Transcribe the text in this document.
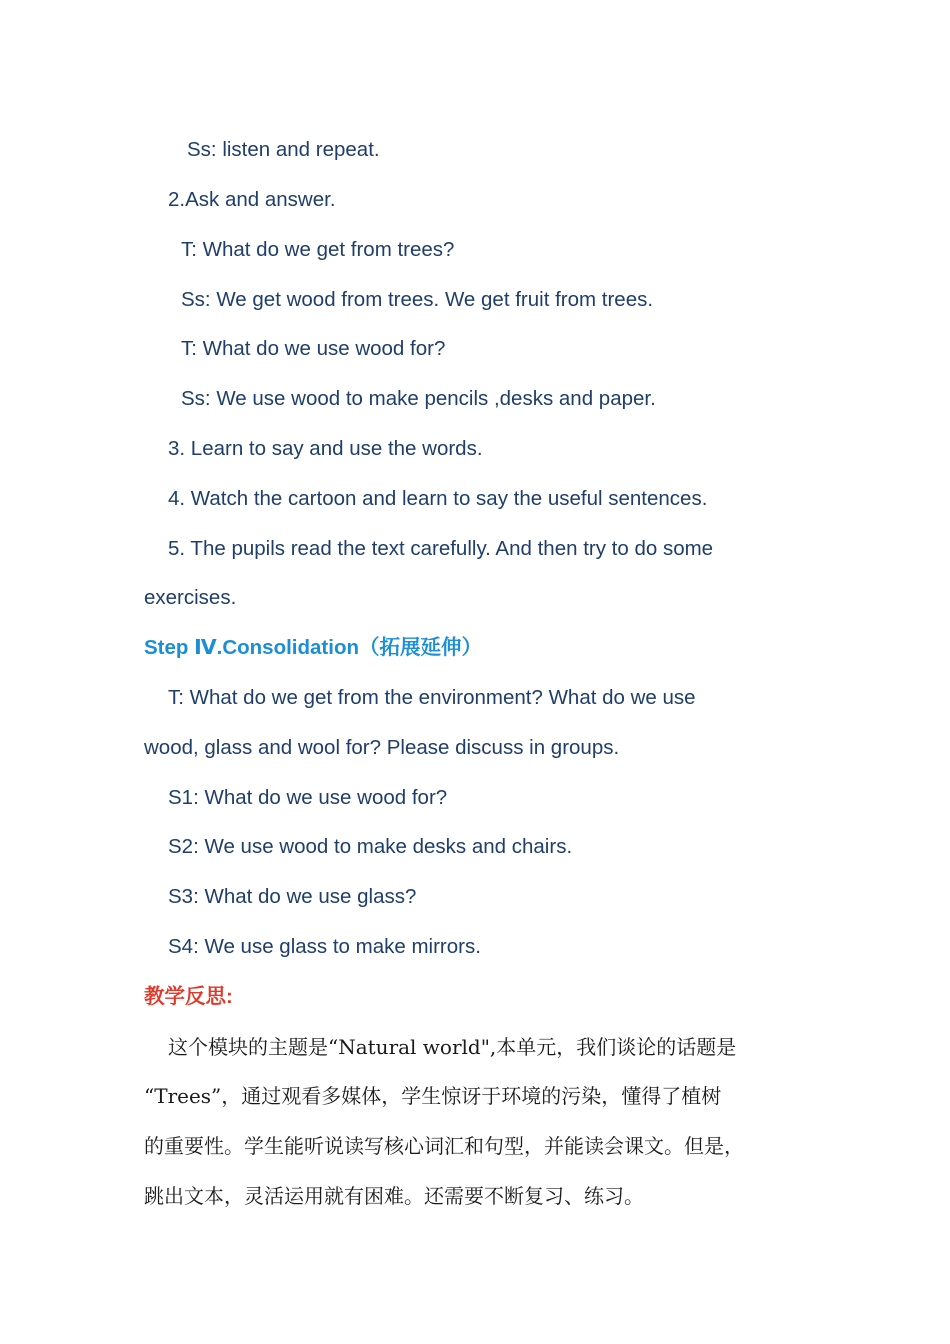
Ss: listen and repeat.
2.Ask and answer.
T: What do we get from trees?
Ss: We get wood from trees. We get fruit from trees.
T: What do we use wood for?
Ss: We use wood to make pencils ,desks and paper.
3. Learn to say and use the words.
4. Watch the cartoon and learn to say the useful sentences.
5. The pupils read the text carefully. And then try to do some
exercises.
Step Ⅳ.Consolidation（拓展延伸）
T: What do we get from the environment? What do we use
wood, glass and wool for? Please discuss in groups.
S1: What do we use wood for?
S2: We use wood to make desks and chairs.
S3: What do we use glass?
S4: We use glass to make mirrors.
教学反思:
这个模块的主题是“Natural world",本单元，我们谈论的话题是
“Trees”，通过观看多媒体，学生惊讶于环境的污染，懂得了植树
的重要性。学生能听说读写核心词汇和句型，并能读会课文。但是，
跳出文本，灵活运用就有困难。还需要不断复习、练习。
